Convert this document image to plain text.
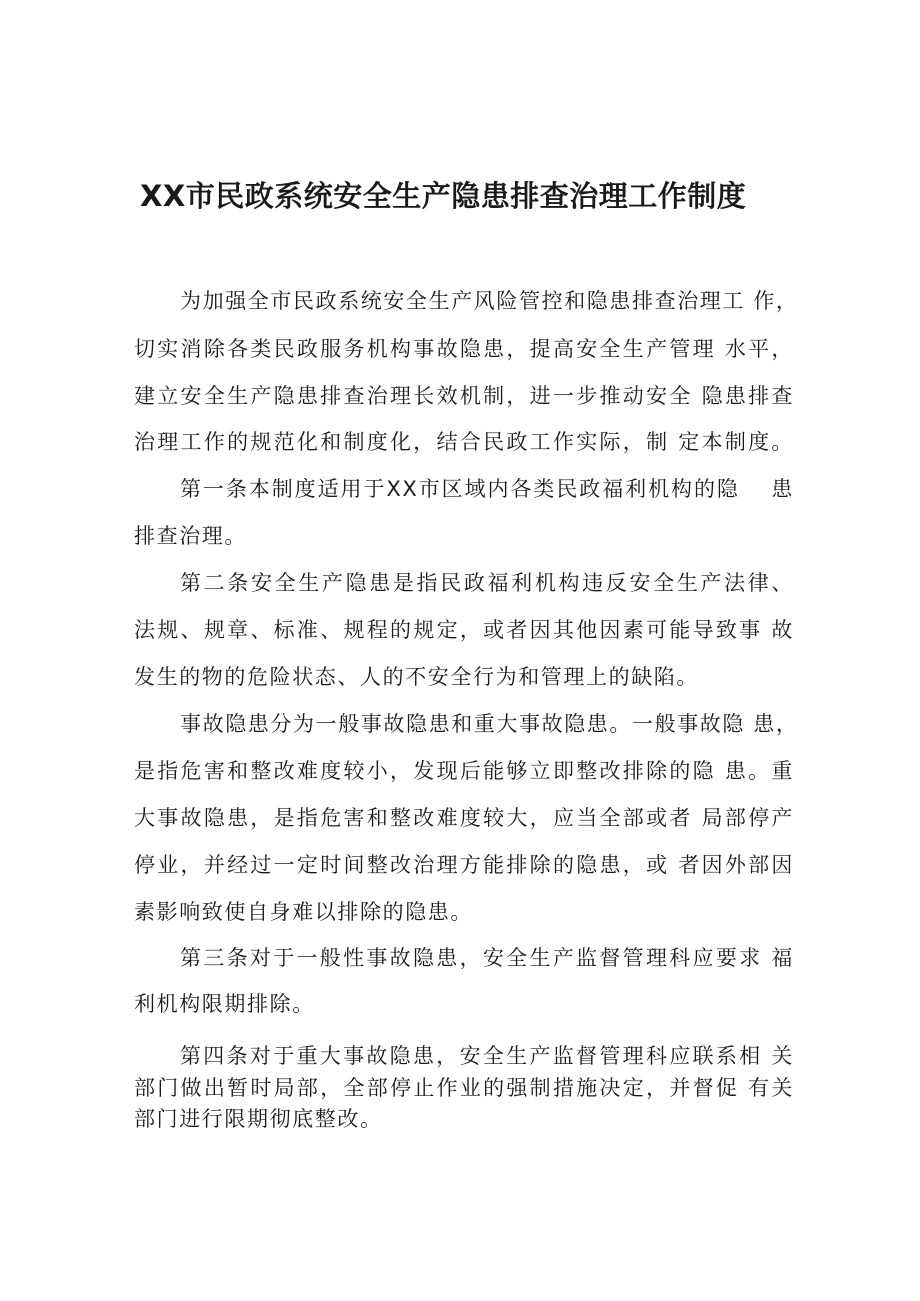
XX市民政系统安全生产隐患排查治理工作制度

为加强全市民政系统安全生产风险管控和隐患排查治理工 作，

切实消除各类民政服务机构事故隐患，提高安全生产管理 水平，

建立安全生产隐患排查治理长效机制，进一步推动安全 隐患排查

治理工作的规范化和制度化，结合民政工作实际，制 定本制度。

第一条本制度适用于XX市区域内各类民政福利机构的隐　 患

排查治理。

第二条安全生产隐患是指民政福利机构违反安全生产法律、

法规、规章、标准、规程的规定，或者因其他因素可能导致事 故

发生的物的危险状态、人的不安全行为和管理上的缺陷。

事故隐患分为一般事故隐患和重大事故隐患。一般事故隐 患，

是指危害和整改难度较小，发现后能够立即整改排除的隐 患。重

大事故隐患，是指危害和整改难度较大，应当全部或者 局部停产

停业，并经过一定时间整改治理方能排除的隐患，或 者因外部因

素影响致使自身难以排除的隐患。

第三条对于一般性事故隐患，安全生产监督管理科应要求 福

利机构限期排除。

第四条对于重大事故隐患，安全生产监督管理科应联系相 关

部门做出暂时局部，全部停止作业的强制措施决定，并督促 有关

部门进行限期彻底整改。
